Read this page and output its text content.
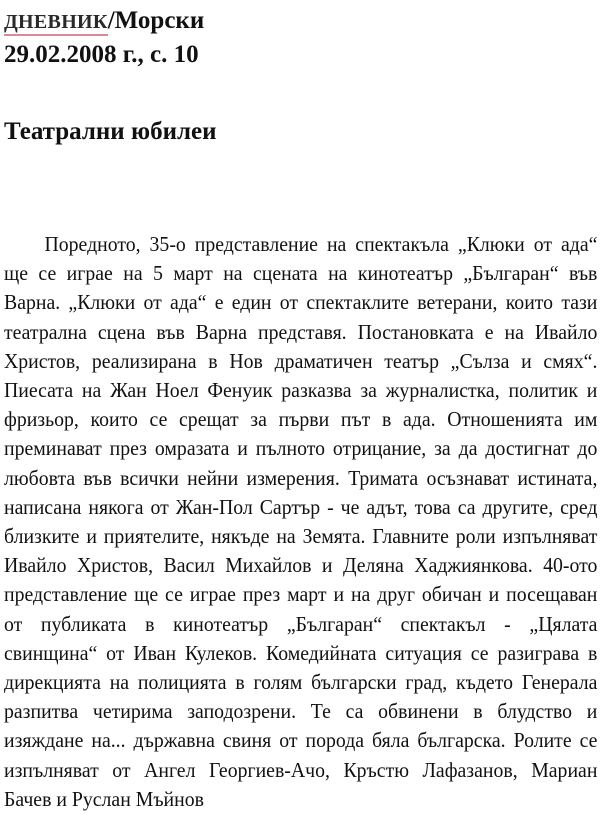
ДНЕВНИК/Морски
29.02.2008 г., с. 10
Театрални юбилеи
Поредното, 35-о представление на спектакъла „Клюки от ада“ ще се играе на 5 март на сцената на кинотеатър „Българан“ във Варна. „Клюки от ада“ е един от спектаклите ветерани, които тази театрална сцена във Варна представя. Постановката е на Ивайло Христов, реализирана в Нов драматичен театър „Сълза и смях“. Пиесата на Жан Ноел Фенуик разказва за журналистка, политик и фризьор, които се срещат за първи път в ада. Отношенията им преминават през омразата и пълното отрицание, за да достигнат до любовта във всички нейни измерения. Тримата осъзнават истината, написана някога от Жан-Пол Сартър - че адът, това са другите, сред близките и приятелите, някъде на Земята. Главните роли изпълняват Ивайло Христов, Васил Михайлов и Деляна Хаджиянкова. 40-ото представление ще се играе през март и на друг обичан и посещаван от публиката в кинотеатър „Българан“ спектакъл - „Цялата свинщина“ от Иван Кулеков. Комедийната ситуация се разиграва в дирекцията на полицията в голям български град, където Генерала разпитва четирима заподозрени. Те са обвинени в блудство и изяждане на... държавна свиня от порода бяла българска. Ролите се изпълняват от Ангел Георгиев-Ачо, Кръстю Лафазанов, Мариан Бачев и Руслан Мъйнов
